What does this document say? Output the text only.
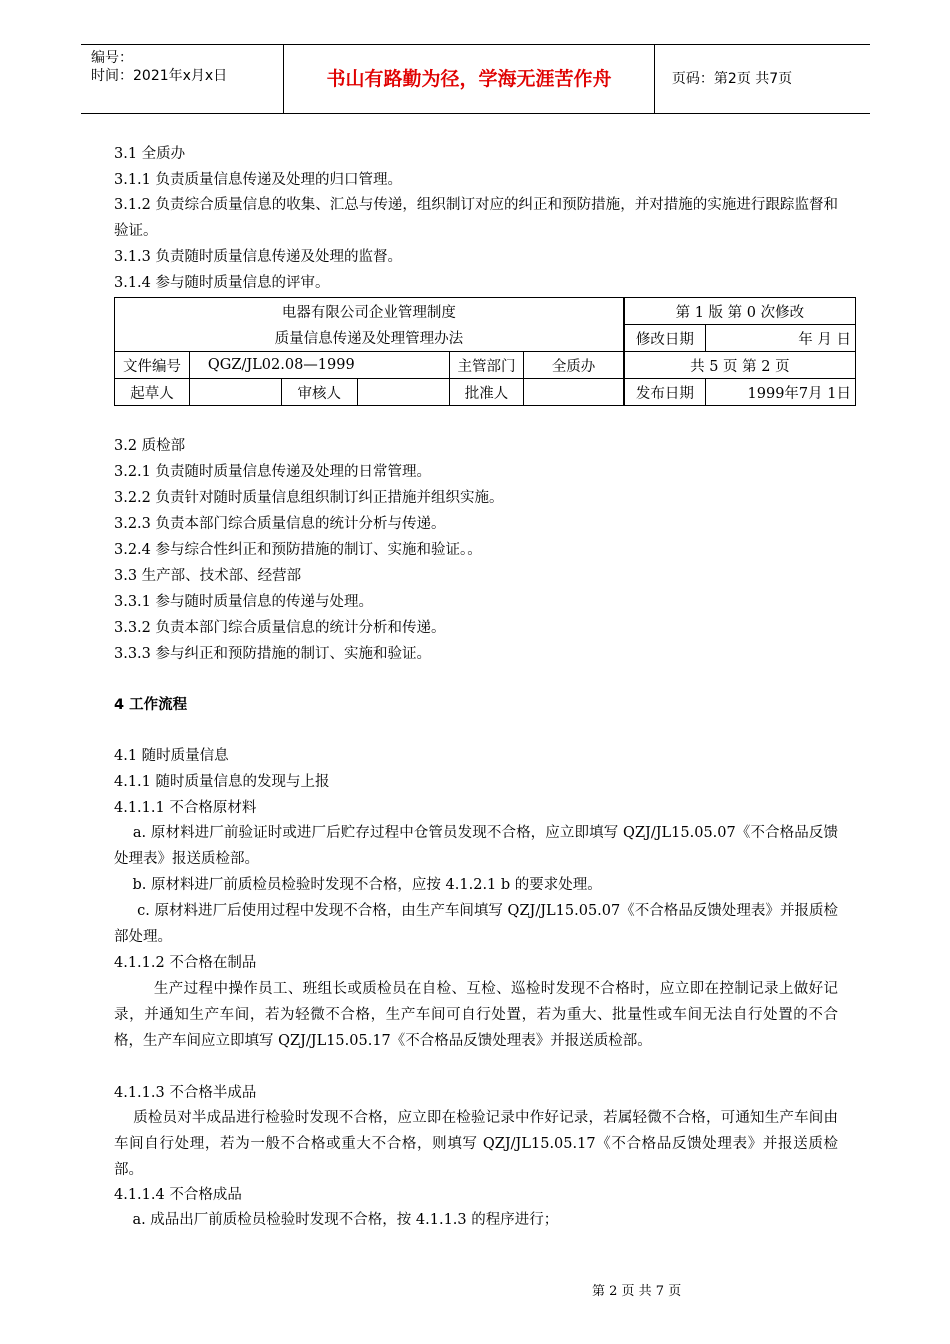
编号：
时间：2021年x月x日	书山有路勤为径，学海无涯苦作舟	页码：第2页 共7页
3.1 全质办
3.1.1 负责质量信息传递及处理的归口管理。
3.1.2 负责综合质量信息的收集、汇总与传递，组织制订对应的纠正和预防措施，并对措施的实施进行跟踪监督和验证。
3.1.3 负责随时质量信息传递及处理的监督。
3.1.4 参与随时质量信息的评审。
电器有限公司企业管理制度						第 1 版 第 0 次修改	
质量信息传递及处理管理办法						修改日期	年 月 日
文件编号	QGZ/JL02.08—1999			主管部门	全质办	共 5 页 第 2 页	
起草人		审核人		批准人		发布日期	1999年7月 1日
3.2 质检部
3.2.1 负责随时质量信息传递及处理的日常管理。
3.2.2 负责针对随时质量信息组织制订纠正措施并组织实施。
3.2.3 负责本部门综合质量信息的统计分析与传递。
3.2.4 参与综合性纠正和预防措施的制订、实施和验证。。
3.3 生产部、技术部、经营部
3.3.1 参与随时质量信息的传递与处理。
3.3.2 负责本部门综合质量信息的统计分析和传递。
3.3.3 参与纠正和预防措施的制订、实施和验证。
4 工作流程
4.1 随时质量信息
4.1.1 随时质量信息的发现与上报
4.1.1.1 不合格原材料
a. 原材料进厂前验证时或进厂后贮存过程中仓管员发现不合格，应立即填写 QZJ/JL15.05.07《不合格品反馈处理表》报送质检部。
b. 原材料进厂前质检员检验时发现不合格，应按 4.1.2.1 b 的要求处理。
c. 原材料进厂后使用过程中发现不合格，由生产车间填写 QZJ/JL15.05.07《不合格品反馈处理表》并报质检部处理。
4.1.1.2 不合格在制品
生产过程中操作员工、班组长或质检员在自检、互检、巡检时发现不合格时，应立即在控制记录上做好记录，并通知生产车间，若为轻微不合格，生产车间可自行处置，若为重大、批量性或车间无法自行处置的不合格，生产车间应立即填写 QZJ/JL15.05.17《不合格品反馈处理表》并报送质检部。
4.1.1.3 不合格半成品
质检员对半成品进行检验时发现不合格，应立即在检验记录中作好记录，若属轻微不合格，可通知生产车间由车间自行处理，若为一般不合格或重大不合格，则填写 QZJ/JL15.05.17《不合格品反馈处理表》并报送质检部。
4.1.1.4 不合格成品
a. 成品出厂前质检员检验时发现不合格，按 4.1.1.3 的程序进行；
第 2 页 共 7 页
